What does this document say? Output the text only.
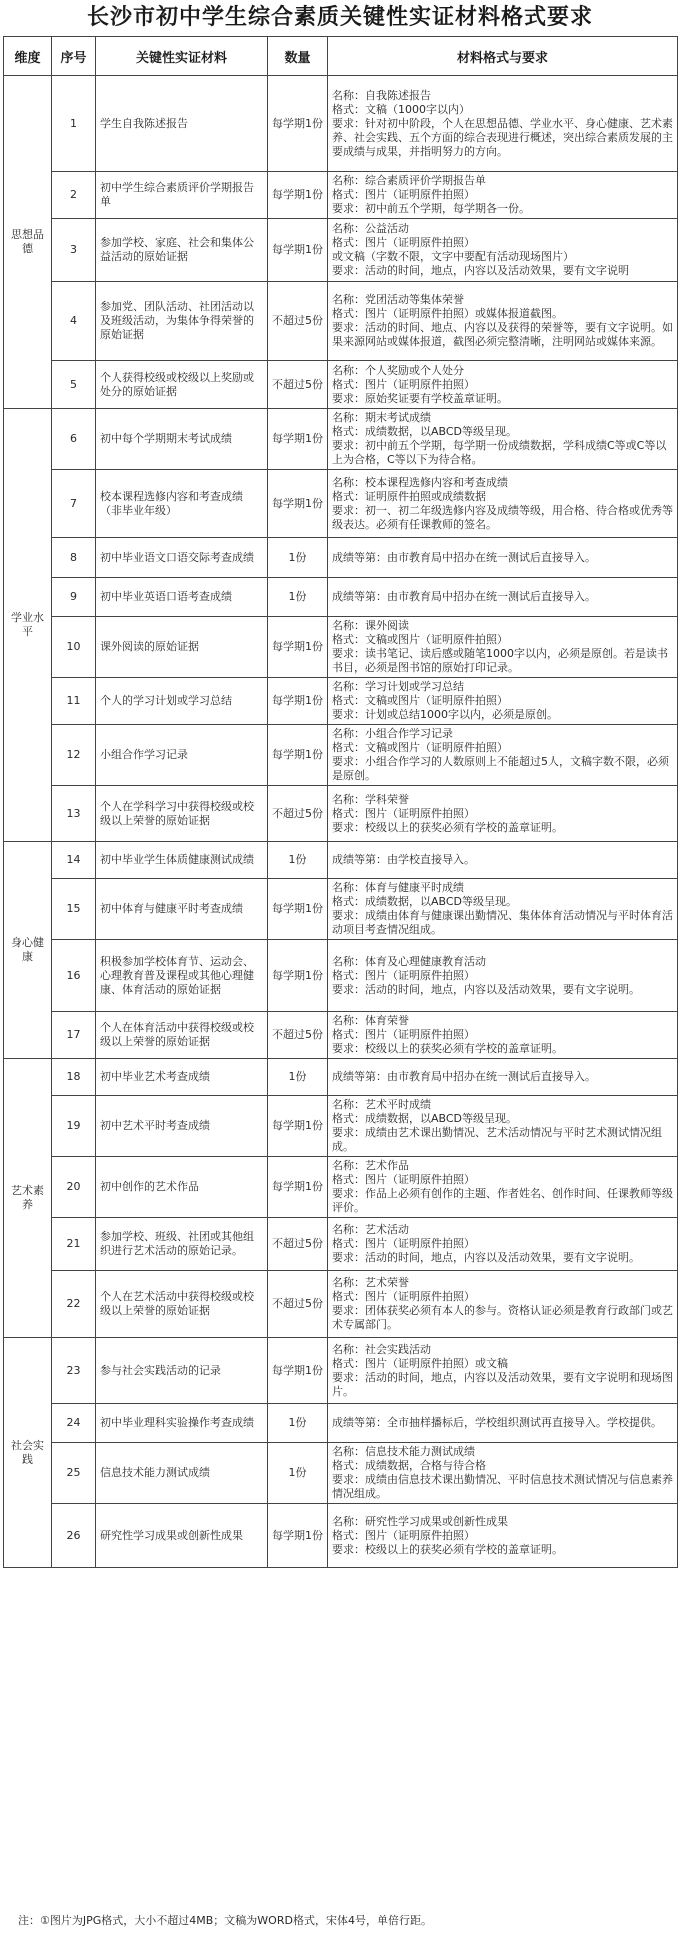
长沙市初中学生综合素质关键性实证材料格式要求
维度	序号	关键性实证材料	数量	材料格式与要求
思想品德	1	学生自我陈述报告	每学期1份	名称：自我陈述报告
格式：文稿（1000字以内）
要求：针对初中阶段，个人在思想品德、学业水平、身心健康、艺术素养、社会实践、五个方面的综合表现进行概述，突出综合素质发展的主要成绩与成果，并指明努力的方向。

	2	初中学生综合素质评价学期报告单	每学期1份	名称：综合素质评价学期报告单
格式：图片（证明原件拍照）
要求：初中前五个学期，每学期各一份。

	3	参加学校、家庭、社会和集体公益活动的原始证据	每学期1份	名称：公益活动
格式：图片（证明原件拍照）
或文稿（字数不限，文字中要配有活动现场图片）
要求：活动的时间，地点，内容以及活动效果，要有文字说明

	4	参加党、团队活动、社团活动以及班级活动，为集体争得荣誉的原始证据	不超过5份	名称：党团活动等集体荣誉
格式：图片（证明原件拍照）或媒体报道截图。
要求：活动的时间、地点、内容以及获得的荣誉等，要有文字说明。如果来源网站或媒体报道，截图必须完整清晰，注明网站或媒体来源。

	5	个人获得校级或校级以上奖励或处分的原始证据	不超过5份	名称：个人奖励或个人处分
格式：图片（证明原件拍照）
要求：原始奖证要有学校盖章证明。

学业水平	6	初中每个学期期末考试成绩	每学期1份	名称：期末考试成绩
格式：成绩数据，以ABCD等级呈现。
要求：初中前五个学期，每学期一份成绩数据，学科成绩C等或C等以上为合格，C等以下为待合格。

	7	校本课程选修内容和考查成绩（非毕业年级）	每学期1份	名称：校本课程选修内容和考查成绩
格式：证明原件拍照或成绩数据
要求：初一、初二年级选修内容及成绩等级，用合格、待合格或优秀等级表达。必须有任课教师的签名。

	8	初中毕业语文口语交际考查成绩	1份	成绩等第：由市教育局中招办在统一测试后直接导入。

	9	初中毕业英语口语考查成绩	1份	成绩等第：由市教育局中招办在统一测试后直接导入。

	10	课外阅读的原始证据	每学期1份	名称：课外阅读
格式：文稿或图片（证明原件拍照）
要求：读书笔记、读后感或随笔1000字以内，必须是原创。若是读书书目，必须是图书馆的原始打印记录。

	11	个人的学习计划或学习总结	每学期1份	名称：学习计划或学习总结
格式：文稿或图片（证明原件拍照）
要求：计划或总结1000字以内，必须是原创。

	12	小组合作学习记录	每学期1份	名称：小组合作学习记录
格式：文稿或图片（证明原件拍照）
要求：小组合作学习的人数原则上不能超过5人，文稿字数不限，必须是原创。

	13	个人在学科学习中获得校级或校级以上荣誉的原始证据	不超过5份	名称：学科荣誉
格式：图片（证明原件拍照）
要求：校级以上的获奖必须有学校的盖章证明。

身心健康	14	初中毕业学生体质健康测试成绩	1份	成绩等第：由学校直接导入。

	15	初中体育与健康平时考查成绩	每学期1份	名称：体育与健康平时成绩
格式：成绩数据，以ABCD等级呈现。
要求：成绩由体育与健康课出勤情况、集体体育活动情况与平时体育活动项目考查情况组成。

	16	积极参加学校体育节、运动会、心理教育普及课程或其他心理健康、体育活动的原始证据	每学期1份	名称：体育及心理健康教育活动
格式：图片（证明原件拍照）
要求：活动的时间，地点，内容以及活动效果，要有文字说明。

	17	个人在体育活动中获得校级或校级以上荣誉的原始证据	不超过5份	名称：体育荣誉
格式：图片（证明原件拍照）
要求：校级以上的获奖必须有学校的盖章证明。

艺术素养	18	初中毕业艺术考查成绩	1份	成绩等第：由市教育局中招办在统一测试后直接导入。

	19	初中艺术平时考查成绩	每学期1份	名称：艺术平时成绩
格式：成绩数据，以ABCD等级呈现。
要求：成绩由艺术课出勤情况、艺术活动情况与平时艺术测试情况组成。

	20	初中创作的艺术作品	每学期1份	名称：艺术作品
格式：图片（证明原件拍照）
要求：作品上必须有创作的主题、作者姓名、创作时间、任课教师等级评价。

	21	参加学校、班级、社团或其他组织进行艺术活动的原始记录。	不超过5份	名称：艺术活动
格式：图片（证明原件拍照）
要求：活动的时间，地点，内容以及活动效果，要有文字说明。

	22	个人在艺术活动中获得校级或校级以上荣誉的原始证据	不超过5份	名称：艺术荣誉
格式：图片（证明原件拍照）
要求：团体获奖必须有本人的参与。资格认证必须是教育行政部门或艺术专属部门。

社会实践	23	参与社会实践活动的记录	每学期1份	名称：社会实践活动
格式：图片（证明原件拍照）或文稿
要求：活动的时间，地点，内容以及活动效果，要有文字说明和现场图片。

	24	初中毕业理科实验操作考查成绩	1份	成绩等第：全市抽样播标后，学校组织测试再直接导入。学校提供。

	25	信息技术能力测试成绩	1份	名称：信息技术能力测试成绩
格式：成绩数据，合格与待合格
要求：成绩由信息技术课出勤情况、平时信息技术测试情况与信息素养情况组成。

	26	研究性学习成果或创新性成果	每学期1份	名称：研究性学习成果或创新性成果
格式：图片（证明原件拍照）
要求：校级以上的获奖必须有学校的盖章证明。
注：①图片为JPG格式，大小不超过4MB；文稿为WORD格式，宋体4号，单倍行距。
